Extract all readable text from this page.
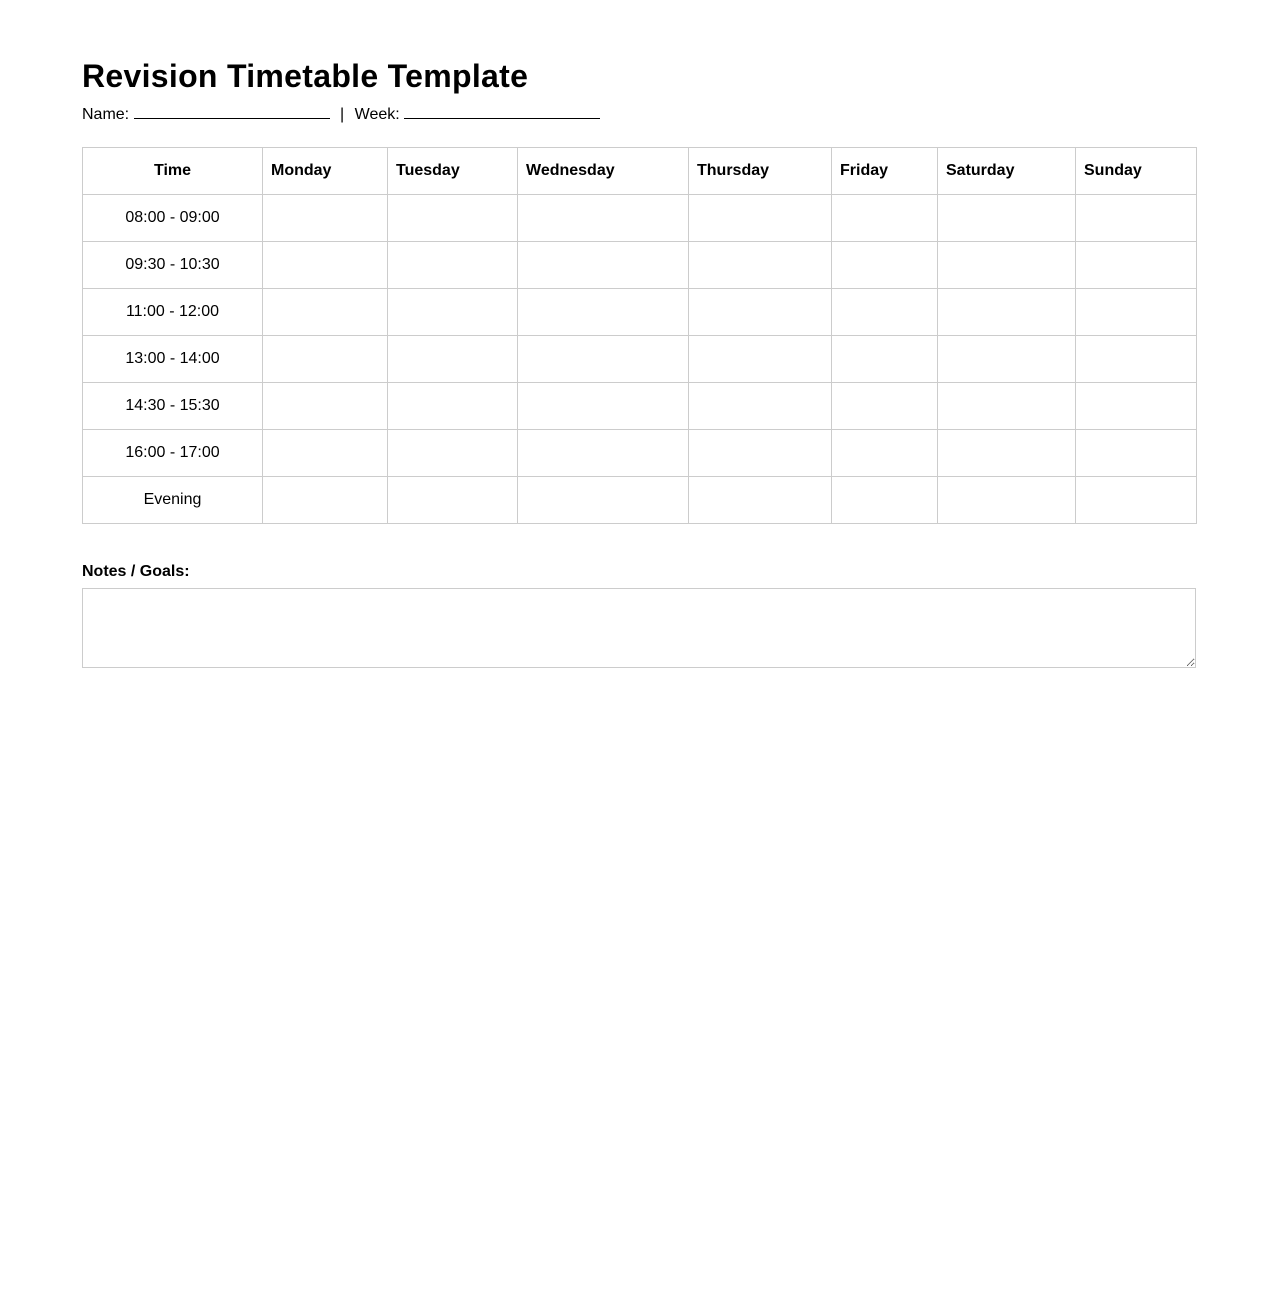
Revision Timetable Template
Name:	| Week:
Time	Monday	Tuesday	Wednesday	Thursday	Friday	Saturday	Sunday
08:00 - 09:00							
09:30 - 10:30							
11:00 - 12:00							
13:00 - 14:00							
14:30 - 15:30							
16:00 - 17:00							
Evening							
Notes / Goals:
